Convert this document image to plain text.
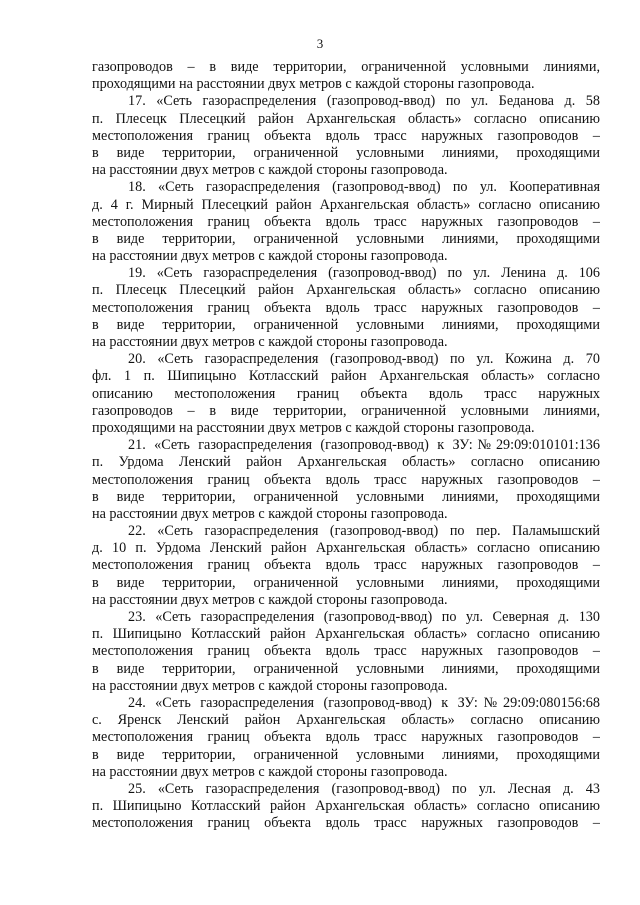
3
газопроводов – в виде территории, ограниченной условными линиями,
проходящими на расстоянии двух метров с каждой стороны газопровода.
17. «Сеть газораспределения (газопровод-ввод) по ул. Беданова д. 58
п. Плесецк Плесецкий район Архангельская область» согласно описанию
местоположения границ объекта вдоль трасс наружных газопроводов –
в виде территории, ограниченной условными линиями, проходящими
на расстоянии двух метров с каждой стороны газопровода.
18. «Сеть газораспределения (газопровод-ввод) по ул. Кооперативная
д. 4 г. Мирный Плесецкий район Архангельская область» согласно описанию
местоположения границ объекта вдоль трасс наружных газопроводов –
в виде территории, ограниченной условными линиями, проходящими
на расстоянии двух метров с каждой стороны газопровода.
19. «Сеть газораспределения (газопровод-ввод) по ул. Ленина д. 106
п. Плесецк Плесецкий район Архангельская область» согласно описанию
местоположения границ объекта вдоль трасс наружных газопроводов –
в виде территории, ограниченной условными линиями, проходящими
на расстоянии двух метров с каждой стороны газопровода.
20. «Сеть газораспределения (газопровод-ввод) по ул. Кожина д. 70
фл. 1 п. Шипицыно Котласский район Архангельская область» согласно
описанию местоположения границ объекта вдоль трасс наружных
газопроводов – в виде территории, ограниченной условными линиями,
проходящими на расстоянии двух метров с каждой стороны газопровода.
21. «Сеть газораспределения (газопровод-ввод) к ЗУ:№29:09:010101:136
п. Урдома Ленский район Архангельская область» согласно описанию
местоположения границ объекта вдоль трасс наружных газопроводов –
в виде территории, ограниченной условными линиями, проходящими
на расстоянии двух метров с каждой стороны газопровода.
22. «Сеть газораспределения (газопровод-ввод) по пер. Паламышский
д. 10 п. Урдома Ленский район Архангельская область» согласно описанию
местоположения границ объекта вдоль трасс наружных газопроводов –
в виде территории, ограниченной условными линиями, проходящими
на расстоянии двух метров с каждой стороны газопровода.
23. «Сеть газораспределения (газопровод-ввод) по ул. Северная д. 130
п. Шипицыно Котласский район Архангельская область» согласно описанию
местоположения границ объекта вдоль трасс наружных газопроводов –
в виде территории, ограниченной условными линиями, проходящими
на расстоянии двух метров с каждой стороны газопровода.
24. «Сеть газораспределения (газопровод-ввод) к ЗУ:№29:09:080156:68
с. Яренск Ленский район Архангельская область» согласно описанию
местоположения границ объекта вдоль трасс наружных газопроводов –
в виде территории, ограниченной условными линиями, проходящими
на расстоянии двух метров с каждой стороны газопровода.
25. «Сеть газораспределения (газопровод-ввод) по ул. Лесная д. 43
п. Шипицыно Котласский район Архангельская область» согласно описанию
местоположения границ объекта вдоль трасс наружных газопроводов –
